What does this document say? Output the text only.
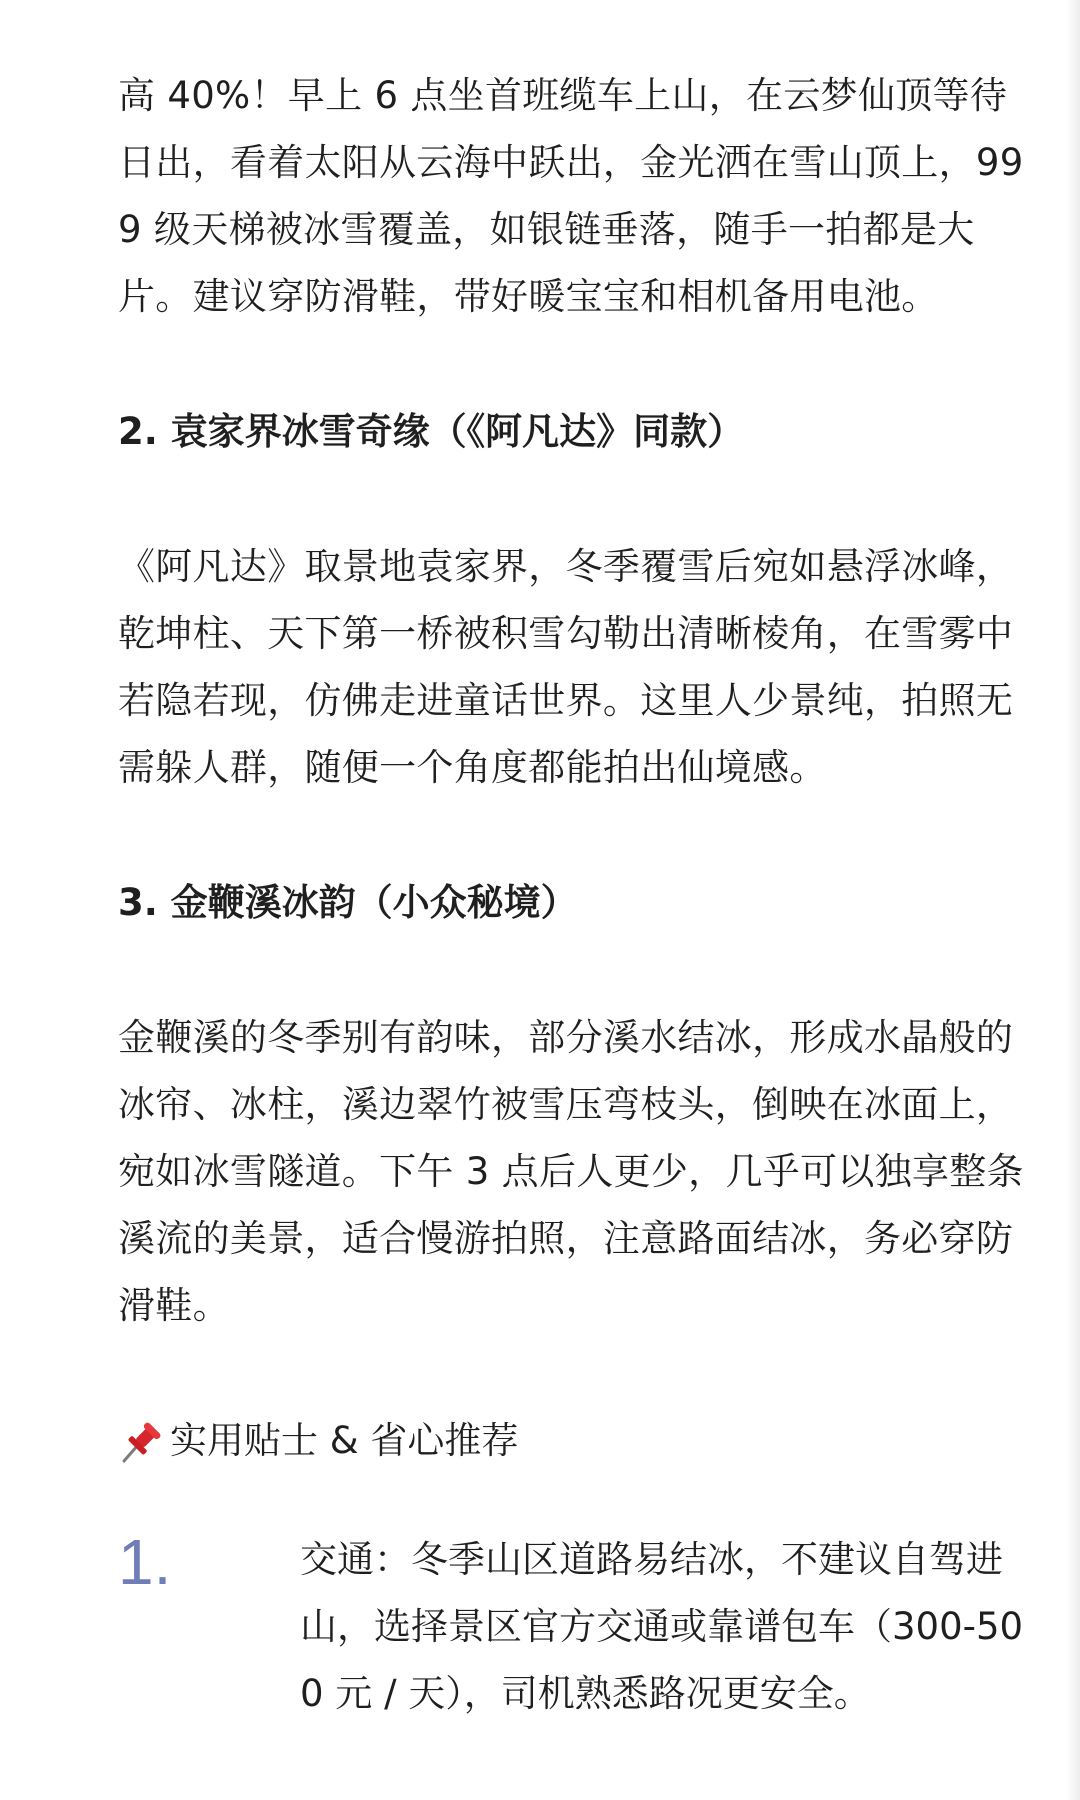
高 40%！早上 6 点坐首班缆车上山，在云梦仙顶等待日出，看着太阳从云海中跃出，金光洒在雪山顶上，999 级天梯被冰雪覆盖，如银链垂落，随手一拍都是大片。建议穿防滑鞋，带好暖宝宝和相机备用电池。

2. 袁家界冰雪奇缘（《阿凡达》同款）

《阿凡达》取景地袁家界，冬季覆雪后宛如悬浮冰峰，乾坤柱、天下第一桥被积雪勾勒出清晰棱角，在雪雾中若隐若现，仿佛走进童话世界。这里人少景纯，拍照无需躲人群，随便一个角度都能拍出仙境感。

3. 金鞭溪冰韵（小众秘境）

金鞭溪的冬季别有韵味，部分溪水结冰，形成水晶般的冰帘、冰柱，溪边翠竹被雪压弯枝头，倒映在冰面上，宛如冰雪隧道。下午 3 点后人更少，几乎可以独享整条溪流的美景，适合慢游拍照，注意路面结冰，务必穿防滑鞋。

实用贴士 & 省心推荐
1.	交通：冬季山区道路易结冰，不建议自驾进山，选择景区官方交通或靠谱包车（300-500 元 / 天），司机熟悉路况更安全。
